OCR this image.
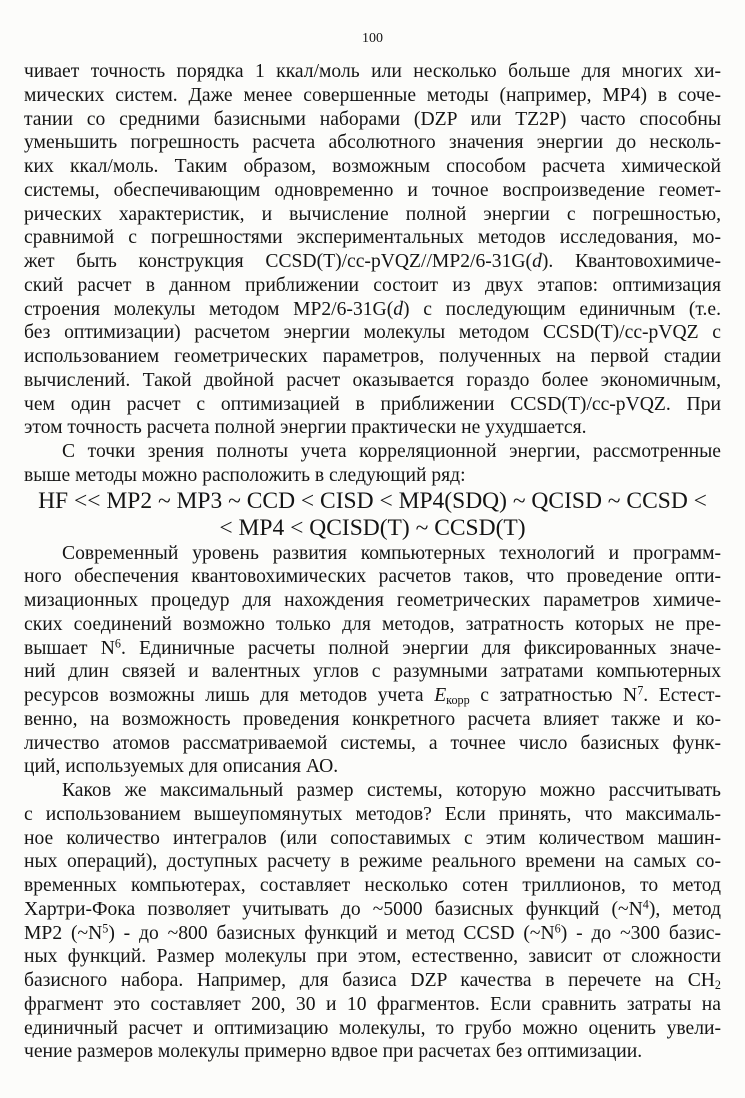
100
чивает точность порядка 1 ккал/моль или несколько больше для многих хи-
мических систем. Даже менее совершенные методы (например, MP4) в соче-
тании со средними базисными наборами (DZP или TZ2P) часто способны
уменьшить погрешность расчета абсолютного значения энергии до несколь-
ких ккал/моль. Таким образом, возможным способом расчета химической
системы, обеспечивающим одновременно и точное воспроизведение геомет-
рических характеристик, и вычисление полной энергии с погрешностью,
сравнимой с погрешностями экспериментальных методов исследования, мо-
жет быть конструкция CCSD(T)/cc-pVQZ//MP2/6-31G(d). Квантовохимиче-
ский расчет в данном приближении состоит из двух этапов: оптимизация
строения молекулы методом MP2/6-31G(d) с последующим единичным (т.е.
без оптимизации) расчетом энергии молекулы методом CCSD(T)/cc-pVQZ с
использованием геометрических параметров, полученных на первой стадии
вычислений. Такой двойной расчет оказывается гораздо более экономичным,
чем один расчет с оптимизацией в приближении CCSD(T)/cc-pVQZ. При
этом точность расчета полной энергии практически не ухудшается.
С точки зрения полноты учета корреляционной энергии, рассмотренные
выше методы можно расположить в следующий ряд:
HF << MP2 ~ MP3 ~ CCD < CISD < MP4(SDQ) ~ QCISD ~ CCSD <
< MP4 < QCISD(T) ~ CCSD(T)
Современный уровень развития компьютерных технологий и программ-
ного обеспечения квантовохимических расчетов таков, что проведение опти-
мизационных процедур для нахождения геометрических параметров химиче-
ских соединений возможно только для методов, затратность которых не пре-
вышает $N^6$. Единичные расчеты полной энергии для фиксированных значе-
ний длин связей и валентных углов с разумными затратами компьютерных
ресурсов возможны лишь для методов учета $E_{корр}$ с затратностью $N^7$. Естест-
венно, на возможность проведения конкретного расчета влияет также и ко-
личество атомов рассматриваемой системы, а точнее число базисных функ-
ций, используемых для описания АО.
Каков же максимальный размер системы, которую можно рассчитывать
с использованием вышеупомянутых методов? Если принять, что максималь-
ное количество интегралов (или сопоставимых с этим количеством машин-
ных операций), доступных расчету в режиме реального времени на самых со-
временных компьютерах, составляет несколько сотен триллионов, то метод
Хартри-Фока позволяет учитывать до ~5000 базисных функций $(\sim N^4)$, метод
MP2 $(\sim N^5)$ - до ~800 базисных функций и метод CCSD $(\sim N^6)$ - до ~300 базис-
ных функций. Размер молекулы при этом, естественно, зависит от сложности
базисного набора. Например, для базиса DZP качества в перечете на $CH_2$
фрагмент это составляет 200, 30 и 10 фрагментов. Если сравнить затраты на
единичный расчет и оптимизацию молекулы, то грубо можно оценить увели-
чение размеров молекулы примерно вдвое при расчетах без оптимизации.
